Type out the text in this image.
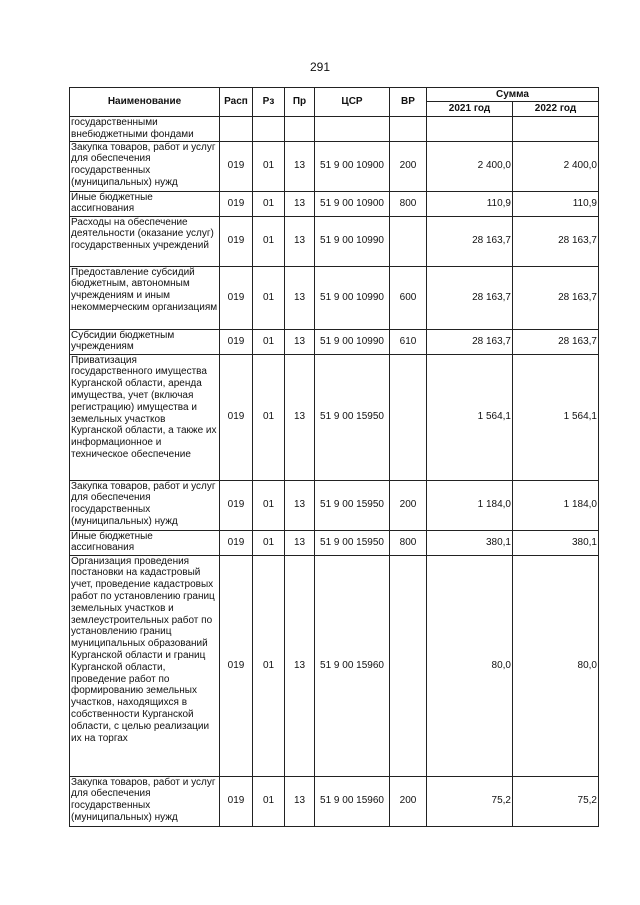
291
Наименование	Расп	Рз	Пр	ЦСР	ВР	Сумма	
						2021 год	2022 год
государственными внебюджетными фондами							
Закупка товаров, работ и услуг для обеспечения государственных (муниципальных) нужд	019	01	13	51 9 00 10900	200	2 400,0	2 400,0
Иные бюджетные ассигнования	019	01	13	51 9 00 10900	800	110,9	110,9
Расходы на обеспечение деятельности (оказание услуг) государственных учреждений	019	01	13	51 9 00 10990		28 163,7	28 163,7
Предоставление субсидий бюджетным, автономным учреждениям и иным некоммерческим организациям	019	01	13	51 9 00 10990	600	28 163,7	28 163,7
Субсидии бюджетным учреждениям	019	01	13	51 9 00 10990	610	28 163,7	28 163,7
Приватизация государственного имущества Курганской области, аренда имущества, учет (включая регистрацию) имущества и земельных участков Курганской области, а также их информационное и техническое обеспечение	019	01	13	51 9 00 15950		1 564,1	1 564,1
Закупка товаров, работ и услуг для обеспечения государственных (муниципальных) нужд	019	01	13	51 9 00 15950	200	1 184,0	1 184,0
Иные бюджетные ассигнования	019	01	13	51 9 00 15950	800	380,1	380,1
Организация проведения постановки на кадастровый учет, проведение кадастровых работ по установлению границ земельных участков и землеустроительных работ по установлению границ муниципальных образований Курганской области и границ Курганской области, проведение работ по формированию земельных участков, находящихся в собственности Курганской области, с целью реализации их на торгах	019	01	13	51 9 00 15960		80,0	80,0
Закупка товаров, работ и услуг для обеспечения государственных (муниципальных) нужд	019	01	13	51 9 00 15960	200	75,2	75,2
